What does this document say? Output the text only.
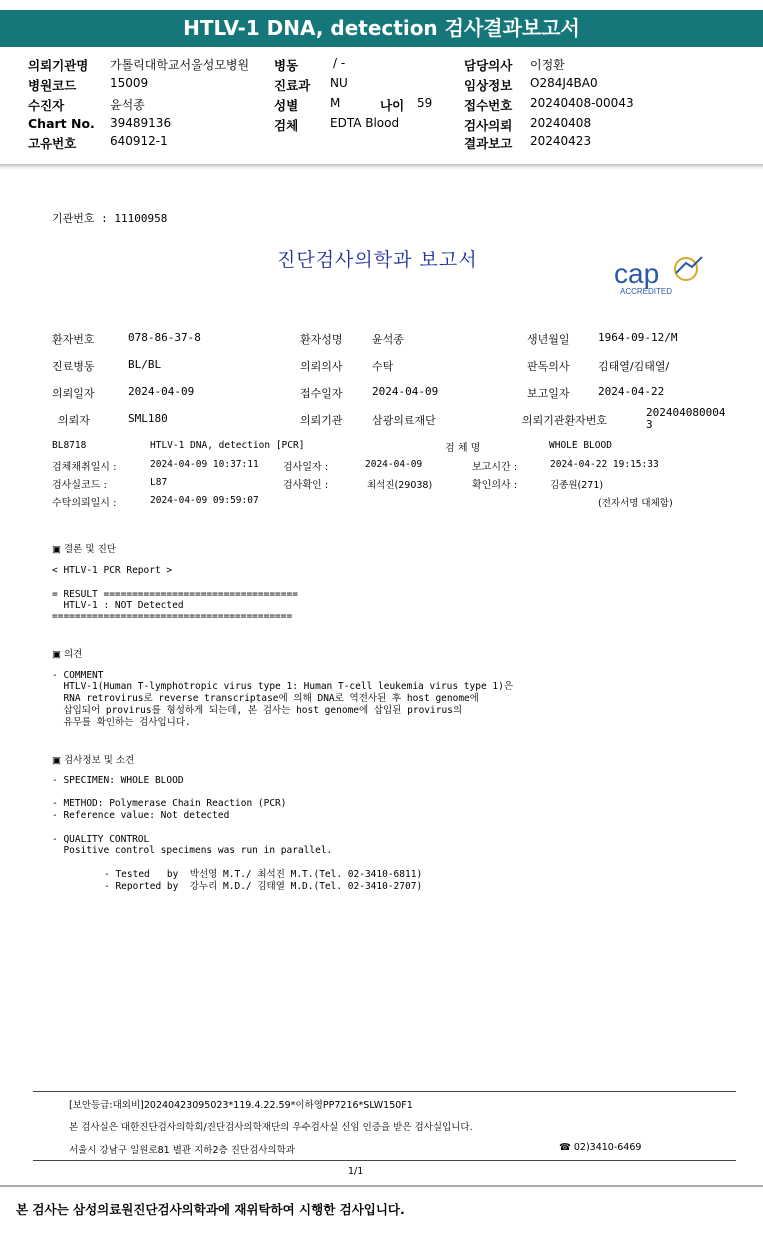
HTLV-1 DNA, detection 검사결과보고서
의뢰기관명 가톨릭대학교서울성모병원
병원코드	15009
수진자	윤석종
Chart No. 39489136
고유번호	640912-1
병동	/ -
진료과 NU
성별	M	나이 59
검체	EDTA Blood
담당의사 이정환
임상정보 O284J4BA0
접수번호 20240408-00043
검사의뢰 20240408
결과보고 20240423
기관번호 : 11100958
진단검사의학과 보고서	cap
ACCREDITED
환자번호	078-86-37-8	환자성명	윤석종	생년월일	1964-09-12/M
진료병동	BL/BL	의뢰의사	수탁	판독의사	김태열/김태열/
의뢰일자	2024-04-09	접수일자	2024-04-09	보고일자	2024-04-22
의뢰자	SML180	의뢰기관	삼광의료재단	의뢰기관환자번호
202404080004
3
BL8718	HTLV-1 DNA, detection [PCR]	검 체 명	WHOLE BLOOD
검체채취일시 :	2024-04-09 10:37:11 검사일자 :	2024-04-09	보고시간 :	2024-04-22 19:15:33
검사실코드 :	L87	검사확인 :	최석진(29038)	확인의사 :	김종원(271)
수탁의뢰일시 :	2024-04-09 09:59:07	(전자서명 대체함)
▣ 결론 및 진단
< HTLV-1 PCR Report >
= RESULT ==================================
HTLV-1 : NOT Detected
==========================================
▣ 의견
- COMMENT
HTLV-1(Human T-lymphotropic virus type 1: Human T-cell leukemia virus type 1)은
RNA retrovirus로 reverse transcriptase에 의해 DNA로 역전사된 후 host genome에
삽입되어 provirus를 형성하게 되는데, 본 검사는 host genome에 삽입된 provirus의
유무를 확인하는 검사입니다.
▣ 검사정보 및 소견
- SPECIMEN: WHOLE BLOOD
- METHOD: Polymerase Chain Reaction (PCR)
- Reference value: Not detected
- QUALITY CONTROL
Positive control specimens was run in parallel.
- Tested   by  박선영 M.T./ 최석진 M.T.(Tel. 02-3410-6811)
- Reported by  강누리 M.D./ 김태열 M.D.(Tel. 02-3410-2707)
[보안등급:대외비]20240423095023*119.4.22.59*이하영PP7216*SLW150F1
본 검사실은 대한진단검사의학회/진단검사의학재단의 우수검사실 신임 인증을 받은 검사실입니다.
서울시 강남구 일원로81 별관 지하2층 진단검사의학과	☎ 02)3410-6469
1/1
본 검사는 삼성의료원진단검사의학과에 재위탁하여 시행한 검사입니다.
